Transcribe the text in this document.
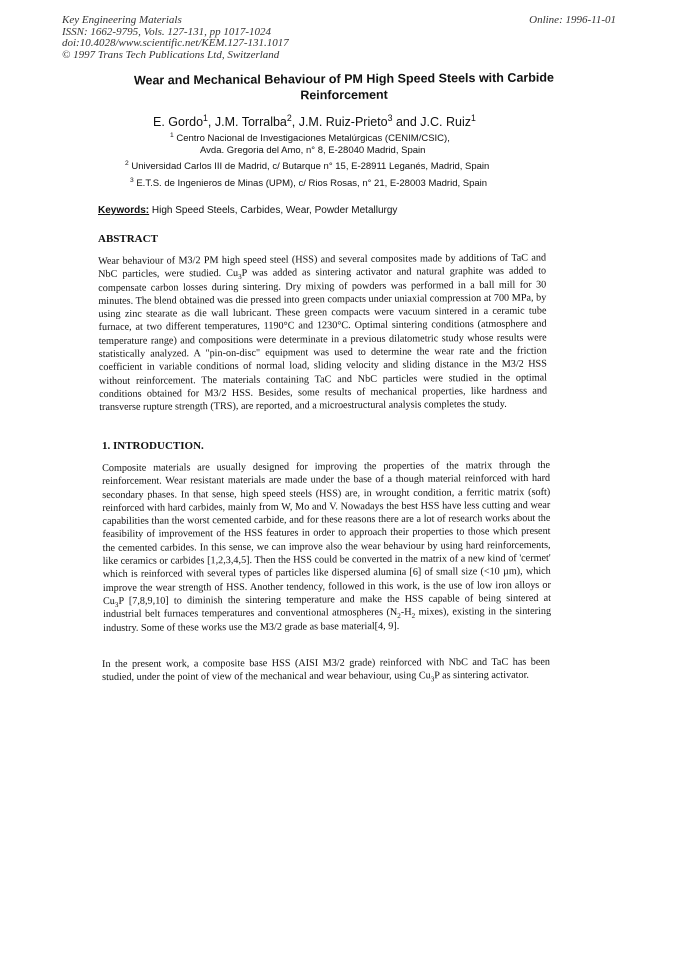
Key Engineering Materials
ISSN: 1662-9795, Vols. 127-131, pp 1017-1024
doi:10.4028/www.scientific.net/KEM.127-131.1017
© 1997 Trans Tech Publications Ltd, Switzerland
Online: 1996-11-01
Wear and Mechanical Behaviour of PM High Speed Steels with Carbide Reinforcement
E. Gordo$^1$, J.M. Torralba$^2$, J.M. Ruiz-Prieto$^3$ and J.C. Ruiz$^1$
$^1$ Centro Nacional de Investigaciones Metalúrgicas (CENIM/CSIC),
Avda. Gregoria del Amo, n° 8, E-28040 Madrid, Spain
$^2$ Universidad Carlos III de Madrid, c/ Butarque n° 15, E-28911 Leganés, Madrid, Spain
$^3$ E.T.S. de Ingenieros de Minas (UPM), c/ Rios Rosas, n° 21, E-28003 Madrid, Spain
Keywords: High Speed Steels, Carbides, Wear, Powder Metallurgy
ABSTRACT
Wear behaviour of M3/2 PM high speed steel (HSS) and several composites made by additions of TaC and NbC particles, were studied. $Cu_3P$ was added as sintering activator and natural graphite was added to compensate carbon losses during sintering. Dry mixing of powders was performed in a ball mill for 30 minutes. The blend obtained was die pressed into green compacts under uniaxial compression at 700 MPa, by using zinc stearate as die wall lubricant. These green compacts were vacuum sintered in a ceramic tube furnace, at two different temperatures, 1190°C and 1230°C. Optimal sintering conditions (atmosphere and temperature range) and compositions were determinate in a previous dilatometric study whose results were statistically analyzed. A "pin-on-disc" equipment was used to determine the wear rate and the friction coefficient in variable conditions of normal load, sliding velocity and sliding distance in the M3/2 HSS without reinforcement. The materials containing TaC and NbC particles were studied in the optimal conditions obtained for M3/2 HSS. Besides, some results of mechanical properties, like hardness and transverse rupture strength (TRS), are reported, and a microestructural analysis completes the study.
1. INTRODUCTION.
Composite materials are usually designed for improving the properties of the matrix through the reinforcement. Wear resistant materials are made under the base of a though material reinforced with hard secondary phases. In that sense, high speed steels (HSS) are, in wrought condition, a ferritic matrix (soft) reinforced with hard carbides, mainly from W, Mo and V. Nowadays the best HSS have less cutting and wear capabilities than the worst cemented carbide, and for these reasons there are a lot of research works about the feasibility of improvement of the HSS features in order to approach their properties to those which present the cemented carbides. In this sense, we can improve also the wear behaviour by using hard reinforcements, like ceramics or carbides [1,2,3,4,5]. Then the HSS could be converted in the matrix of a new kind of 'cermet' which is reinforced with several types of particles like dispersed alumina [6] of small size (<10 µm), which improve the wear strength of HSS. Another tendency, followed in this work, is the use of low iron alloys or $Cu_3P$ [7,8,9,10] to diminish the sintering temperature and make the HSS capable of being sintered at industrial belt furnaces temperatures and conventional atmospheres ($N_2-H_2$ mixes), existing in the sintering industry. Some of these works use the M3/2 grade as base material[4, 9].
In the present work, a composite base HSS (AISI M3/2 grade) reinforced with NbC and TaC has been studied, under the point of view of the mechanical and wear behaviour, using $Cu_3P$ as sintering activator.
